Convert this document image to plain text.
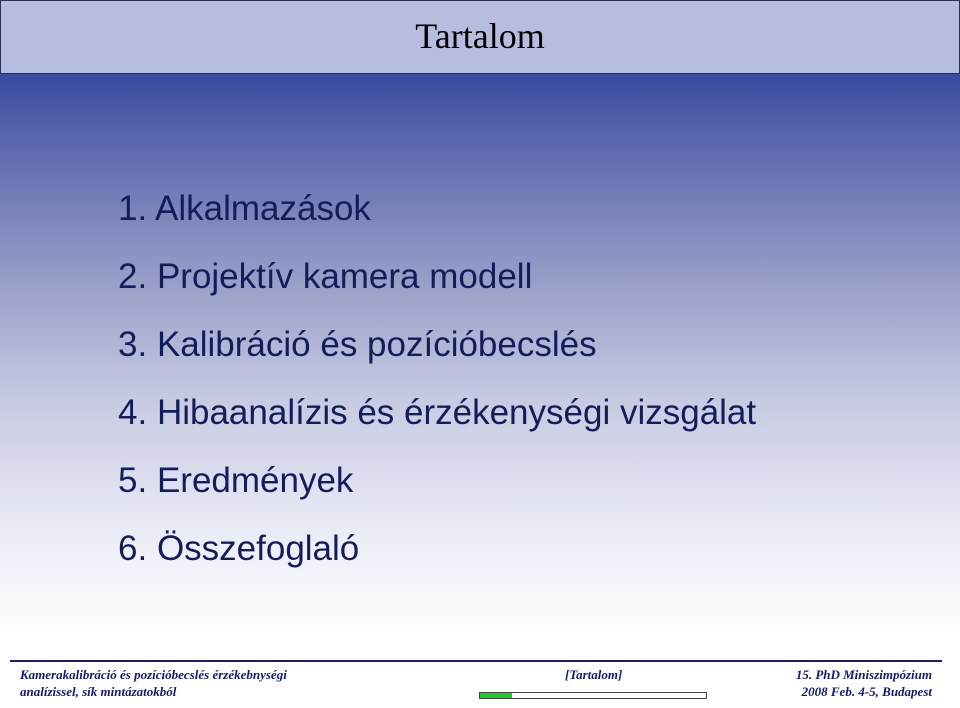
Tartalom
1. Alkalmazások
2. Projektív kamera modell
3. Kalibráció és pozícióbecslés
4. Hibaanalízis és érzékenységi vizsgálat
5. Eredmények
6. Összefoglaló
Kamerakalibráció és pozícióbecslés érzékebnységi
analízissel, sík mintázatokból
[Tartalom]	15. PhD Miniszimpózium
2008 Feb. 4-5, Budapest
